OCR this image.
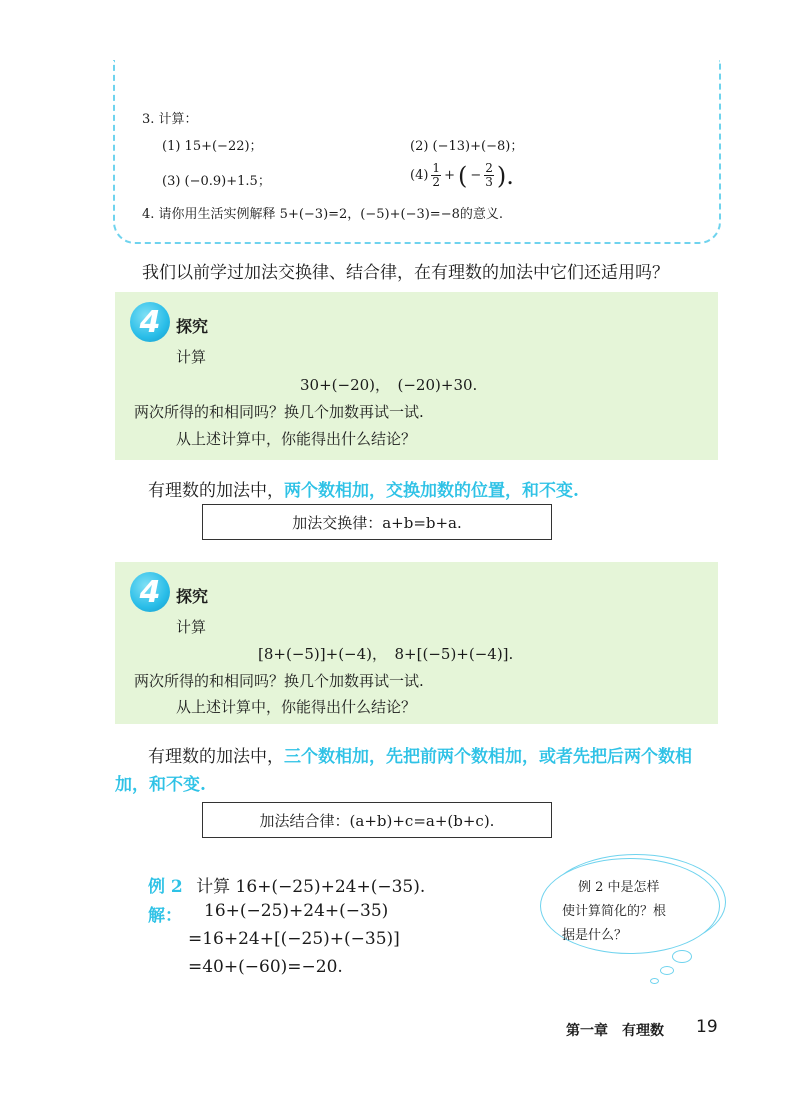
3. 计算：
(1) 15+(−22)；	(2) (−13)+(−8)；
(3) (−0.9)+1.5；	$(4) \frac{1}{2}$ + ( − $\frac{2}{3}$ ).
4. 请你用生活实例解释 5+(−3)=2，(−5)+(−3)=−8的意义.
我们以前学过加法交换律、结合律，在有理数的加法中它们还适用吗？
4 探究
计算
30+(−20)，　(−20)+30.
两次所得的和相同吗？换几个加数再试一试.
从上述计算中，你能得出什么结论？
有理数的加法中，两个数相加，交换加数的位置，和不变.
加法交换律：a+b=b+a.
4 探究
计算
[8+(−5)]+(−4)，　8+[(−5)+(−4)].
两次所得的和相同吗？换几个加数再试一试.
从上述计算中，你能得出什么结论？
有理数的加法中，三个数相加，先把前两个数相加，或者先把后两个数相
加，和不变.
加法结合律：(a+b)+c=a+(b+c).
例 2 计算 16+(−25)+24+(−35).
解： 16+(−25)+24+(−35)
=16+24+[(−25)+(−35)]
=40+(−60)=−20.
例 2 中是怎样
使计算简化的？根
据是什么？
第一章　有理数 19
